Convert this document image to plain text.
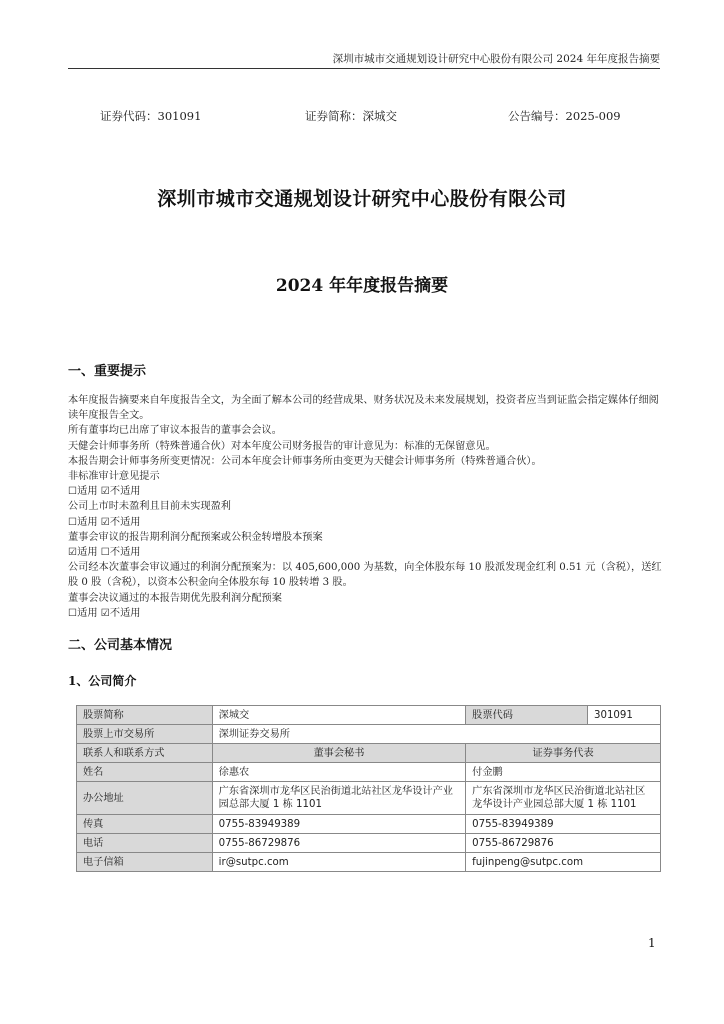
深圳市城市交通规划设计研究中心股份有限公司 2024 年年度报告摘要
证券代码：301091	证券简称：深城交	公告编号：2025-009
深圳市城市交通规划设计研究中心股份有限公司
2024 年年度报告摘要
一、重要提示

本年度报告摘要来自年度报告全文，为全面了解本公司的经营成果、财务状况及未来发展规划，投资者应当到证监会指定媒体仔细阅读年度报告全文。

所有董事均已出席了审议本报告的董事会会议。

天健会计师事务所（特殊普通合伙）对本年度公司财务报告的审计意见为：标准的无保留意见。

本报告期会计师事务所变更情况：公司本年度会计师事务所由变更为天健会计师事务所（特殊普通合伙）。

非标准审计意见提示

☐适用 ☑不适用

公司上市时未盈利且目前未实现盈利

☐适用 ☑不适用

董事会审议的报告期利润分配预案或公积金转增股本预案

☑适用 ☐不适用

公司经本次董事会审议通过的利润分配预案为：以 405,600,000 为基数，向全体股东每 10 股派发现金红利 0.51 元（含税），送红股 0 股（含税），以资本公积金向全体股东每 10 股转增 3 股。

董事会决议通过的本报告期优先股利润分配预案

☐适用 ☑不适用

二、公司基本情况
1、公司简介
股票简称	深城交	股票代码	301091
股票上市交易所	深圳证券交易所		
联系人和联系方式	董事会秘书	证券事务代表	
姓名	徐惠农	付金鹏	
办公地址	广东省深圳市龙华区民治街道北站社区龙华设计产业园总部大厦 1 栋 1101	广东省深圳市龙华区民治街道北站社区龙华设计产业园总部大厦 1 栋 1101	
传真	0755-83949389	0755-83949389	
电话	0755-86729876	0755-86729876	
电子信箱	ir@sutpc.com	fujinpeng@sutpc.com	
1
